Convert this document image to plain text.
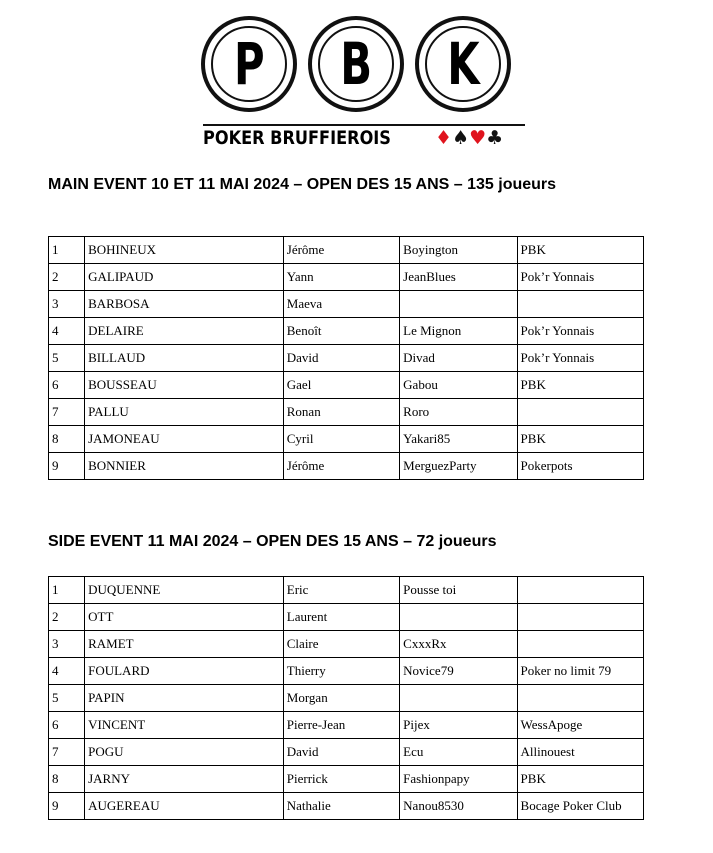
P B K
POKER BRUFFIEROIS ♦♠♥♣
MAIN EVENT 10 ET 11 MAI 2024 – OPEN DES 15 ANS – 135 joueurs
1	BOHINEUX	Jérôme	Boyington	PBK
2	GALIPAUD	Yann	JeanBlues	Pok’r Yonnais
3	BARBOSA	Maeva		
4	DELAIRE	Benoît	Le Mignon	Pok’r Yonnais
5	BILLAUD	David	Divad	Pok’r Yonnais
6	BOUSSEAU	Gael	Gabou	PBK
7	PALLU	Ronan	Roro	
8	JAMONEAU	Cyril	Yakari85	PBK
9	BONNIER	Jérôme	MerguezParty	Pokerpots
SIDE EVENT 11 MAI 2024 – OPEN DES 15 ANS – 72 joueurs
1	DUQUENNE	Eric	Pousse toi	
2	OTT	Laurent		
3	RAMET	Claire	CxxxRx	
4	FOULARD	Thierry	Novice79	Poker no limit 79
5	PAPIN	Morgan		
6	VINCENT	Pierre-Jean	Pijex	WessApoge
7	POGU	David	Ecu	Allinouest
8	JARNY	Pierrick	Fashionpapy	PBK
9	AUGEREAU	Nathalie	Nanou8530	Bocage Poker Club
